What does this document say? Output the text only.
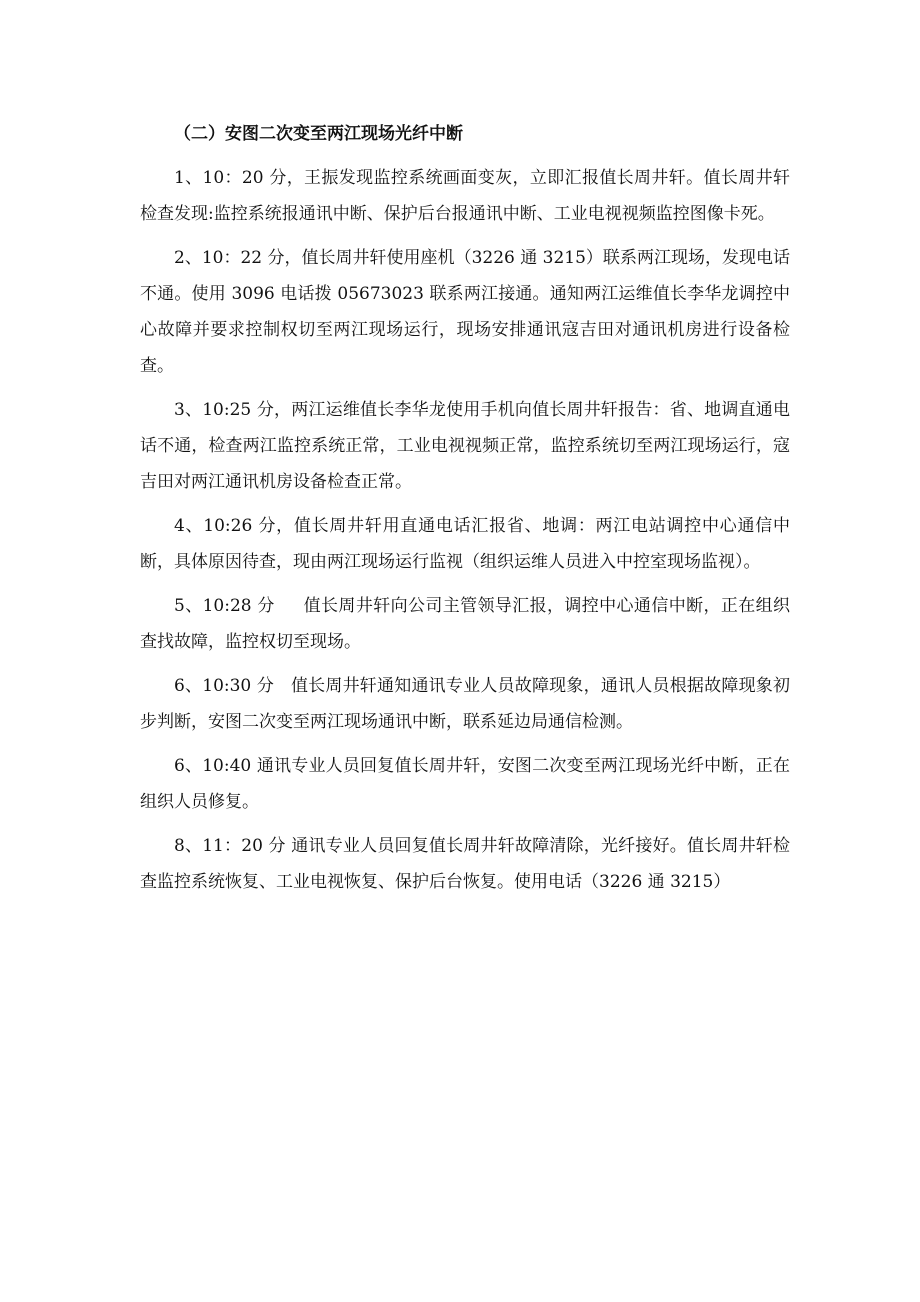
（二）安图二次变至两江现场光纤中断

1、10：20 分，王振发现监控系统画面变灰，立即汇报值长周井轩。值长周井轩检查发现:监控系统报通讯中断、保护后台报通讯中断、工业电视视频监控图像卡死。

2、10：22 分，值长周井轩使用座机（3226 通 3215）联系两江现场，发现电话不通。使用 3096 电话拨 05673023 联系两江接通。通知两江运维值长李华龙调控中心故障并要求控制权切至两江现场运行，现场安排通讯寇吉田对通讯机房进行设备检查。

3、10:25 分，两江运维值长李华龙使用手机向值长周井轩报告：省、地调直通电话不通，检查两江监控系统正常，工业电视视频正常，监控系统切至两江现场运行，寇吉田对两江通讯机房设备检查正常。

4、10:26 分，值长周井轩用直通电话汇报省、地调：两江电站调控中心通信中断，具体原因待查，现由两江现场运行监视（组织运维人员进入中控室现场监视）。

5、10:28 分     值长周井轩向公司主管领导汇报，调控中心通信中断，正在组织查找故障，监控权切至现场。

6、10:30 分   值长周井轩通知通讯专业人员故障现象，通讯人员根据故障现象初步判断，安图二次变至两江现场通讯中断，联系延边局通信检测。

6、10:40 通讯专业人员回复值长周井轩，安图二次变至两江现场光纤中断，正在组织人员修复。

8、11：20 分 通讯专业人员回复值长周井轩故障清除，光纤接好。值长周井轩检查监控系统恢复、工业电视恢复、保护后台恢复。使用电话（3226 通 3215）
